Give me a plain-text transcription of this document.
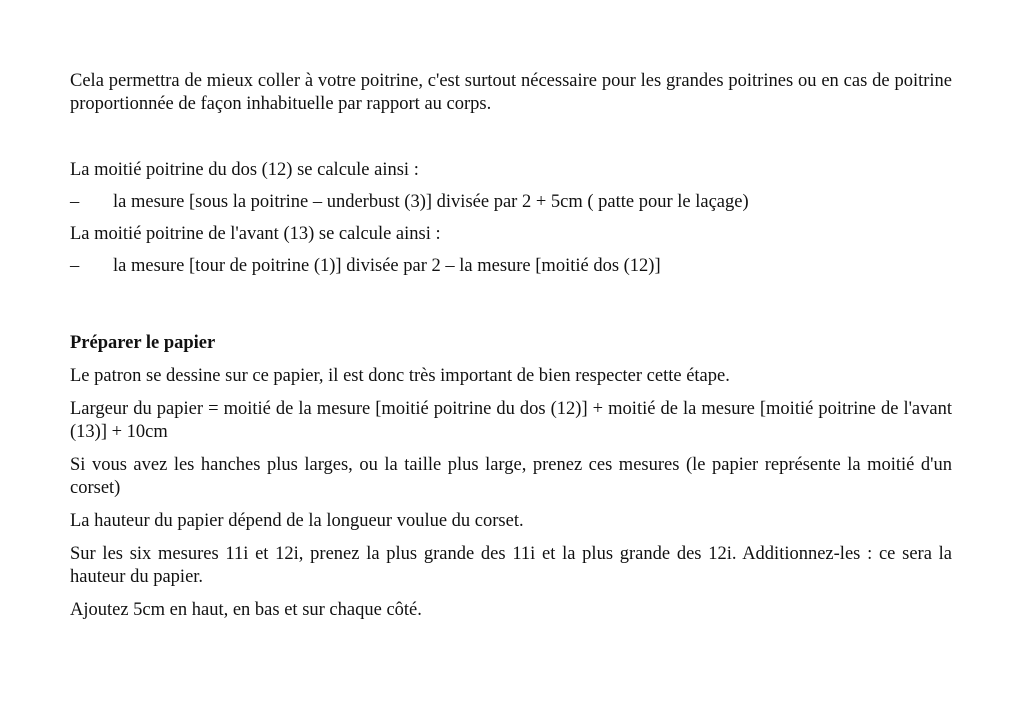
Cela permettra de mieux coller à votre poitrine, c'est surtout nécessaire pour les grandes poitrines ou en cas de poitrine proportionnée de façon inhabituelle par rapport au corps.

La moitié poitrine du dos (12) se calcule ainsi :

–	la mesure [sous la poitrine – underbust (3)] divisée par 2 + 5cm ( patte pour le laçage)

La moitié poitrine de l'avant (13) se calcule ainsi :

–	la mesure [tour de poitrine (1)] divisée par 2 – la mesure [moitié dos (12)]

Préparer le papier

Le patron se dessine sur ce papier, il est donc très important de bien respecter cette étape.

Largeur du papier = moitié de la mesure [moitié poitrine du dos (12)] + moitié de la mesure [moitié poitrine de l'avant (13)] + 10cm

Si vous avez les hanches plus larges, ou la taille plus large, prenez ces mesures (le papier représente la moitié d'un corset)

La hauteur du papier dépend de la longueur voulue du corset.

Sur les six mesures 11i et 12i, prenez la plus grande des 11i et la plus grande des 12i. Additionnez-les : ce sera la hauteur du papier.

Ajoutez 5cm en haut, en bas et sur chaque côté.
